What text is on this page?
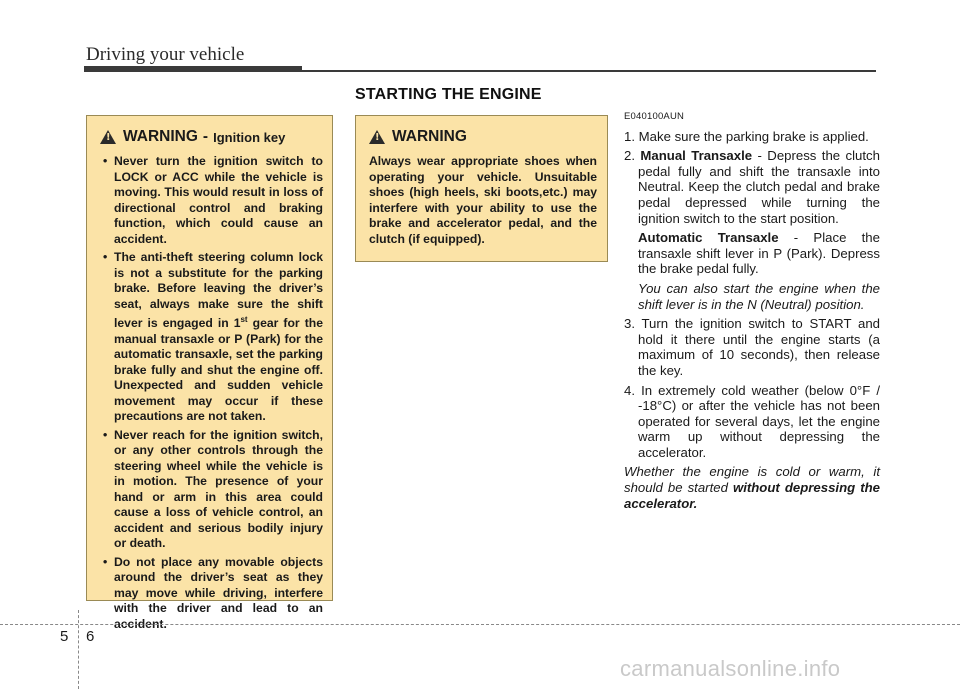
Driving your vehicle
STARTING THE ENGINE
! WARNING - Ignition key
• Never turn the ignition switch to LOCK or ACC while the vehicle is moving. This would result in loss of directional control and braking function, which could cause an accident.
• The anti-theft steering column lock is not a substitute for the parking brake. Before leaving the driver’s seat, always make sure the shift lever is engaged in 1st gear for the manual transaxle or P (Park) for the automatic transaxle, set the parking brake fully and shut the engine off. Unexpected and sudden vehicle movement may occur if these precautions are not taken.
• Never reach for the ignition switch, or any other controls through the steering wheel while the vehicle is in motion. The presence of your hand or arm in this area could cause a loss of vehicle control, an accident and serious bodily injury or death.
• Do not place any movable objects around the driver’s seat as they may move while driving, interfere with the driver and lead to an accident.
! WARNING

Always wear appropriate shoes when operating your vehicle. Unsuitable shoes (high heels, ski boots,etc.) may interfere with your ability to use the brake and accelerator pedal, and the clutch (if equipped).

E040100AUN
1. Make sure the parking brake is applied.
2. Manual Transaxle - Depress the clutch pedal fully and shift the transaxle into Neutral. Keep the clutch pedal and brake pedal depressed while turning the ignition switch to the start position.
Automatic Transaxle - Place the transaxle shift lever in P (Park). Depress the brake pedal fully.
You can also start the engine when the shift lever is in the N (Neutral) position.
3. Turn the ignition switch to START and hold it there until the engine starts (a maximum of 10 seconds), then release the key.
4. In extremely cold weather (below 0°F / -18°C) or after the vehicle has not been operated for several days, let the engine warm up without depressing the accelerator.
Whether the engine is cold or warm, it should be started without depressing the accelerator.
5 6
carmanualsonline.info
